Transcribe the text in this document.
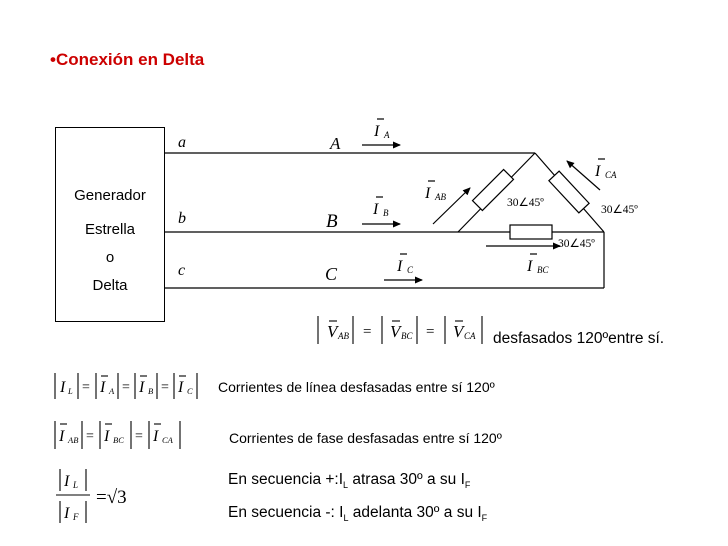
•Conexión en Delta
Generador
Estrella
o
Delta
a
b
c
A
B
C
I A
I B
I C
I AB
I CA
I BC
30∠45º
30∠45º
30∠45º
V AB = V BC = V CA desfasados 120ºentre sí.
I L = I A = I B = I C Corrientes de línea desfasadas entre sí 120º
I AB = I BC = I CA	Corrientes de fase desfasadas entre sí 120º
I L
I F
=√3
En secuencia $+:I_L$ atrasa 30º a su $I_F$
En secuencia -: $I_L$ adelanta 30º a su $I_F$
